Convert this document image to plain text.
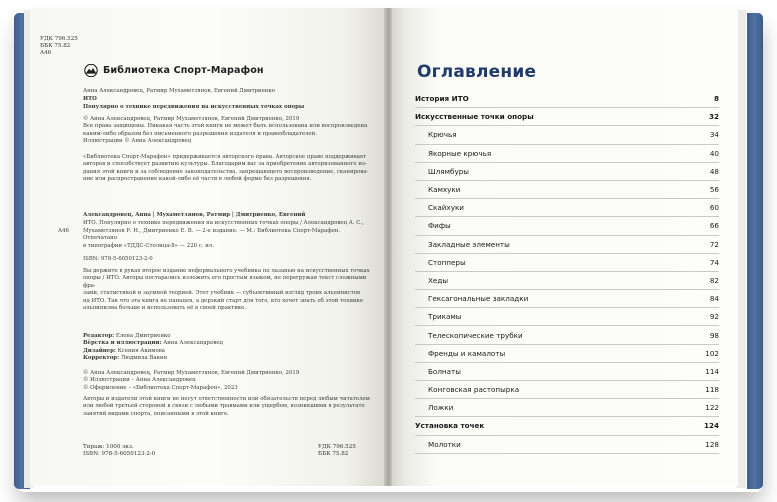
УДК 796.525
ББК 75.82
А46
Библиотека Спорт-Марафон
Анна Александровец, Ратмир Мухаметзянов, Евгений Дмитриенко
ИТО
Популярно о технике передвижения на искусственных точках опоры
© Анна Александровец, Ратмир Мухаметзянов, Евгений Дмитриенко, 2019
Все права защищены. Никакая часть этой книги не может быть использована или воспроизведена
каким-либо образом без письменного разрешения издателя и правообладателей.
Иллюстрации © Анна Александровец
«Библиотека Спорт-Марафон» придерживается авторского права. Авторское право поддерживает
авторов и способствует развитию культуры. Благодарим вас за приобретение авторизованного из-
дания этой книги и за соблюдение законодательства, запрещающего воспроизведение, сканирова-
ние или распространение какой-либо её части в любой форме без разрешения.
А46
Александровец, Анна | Мухаметзянов, Ратмир | Дмитриенко, Евгений
ИТО. Популярно о технике передвижения на искусственных точках опоры / Александровец А. С.,
Мухаметзянов Р. Н., Дмитриенко Е. В. — 2-е издание. — М.: Библиотека Спорт-Марафон. Отпечатано
в типографии «ТДДС-Столица-8» — 220 с. ил.
ISBN: 978-5-6050123-2-0
Вы держите в руках второе издание неформального учебника по лазанью на искусственных точках
опоры / ИТО. Авторы постарались изложить его простым языком, не перегружая текст сложными фра-
зами, статистикой и заумной теорией. Этот учебник — субъективный взгляд троих альпинистов
на ИТО. Так что эта книга не панацея, а дерзкий старт для того, кто хочет знать об этой технике
альпинизма больше и использовать её в своей практике.
Редактор: Елена Дмитриенко
Вёрстка и иллюстрации: Анна Александровец
Дизайнер: Ксения Акимова
Корректор: Людмила Вакин
© Анна Александровец, Ратмир Мухаметзянов, Евгений Дмитриенко, 2019
© Иллюстрации – Анна Александровец
© Оформление – «Библиотека Спорт-Марафон», 2023
Авторы и издатели этой книги не несут ответственности или обязательств перед любым читателем
или любой третьей стороной в связи с любыми травмами или ущербом, возникшими в результате
занятий видами спорта, описанными в этой книге.
Тираж: 1000 экз.
ISBN: 978-5-6050123-2-0
УДК 796.525
ББК 75.82
Оглавление
История ИТО	8
Искусственные точки опоры	32
Крючья	34
Якорные крючья	40
Шлямбуры	48
Камхуки	56
Скайхуки	60
Фифы	66
Закладные элементы	72
Стопперы	74
Хеды	82
Гексагональные закладки	84
Трикамы	92
Телескопические трубки	98
Френды и камалоты	102
Болнаты	114
Конговская растопырка	118
Ложки	122
Установка точек	124
Молотки	128
